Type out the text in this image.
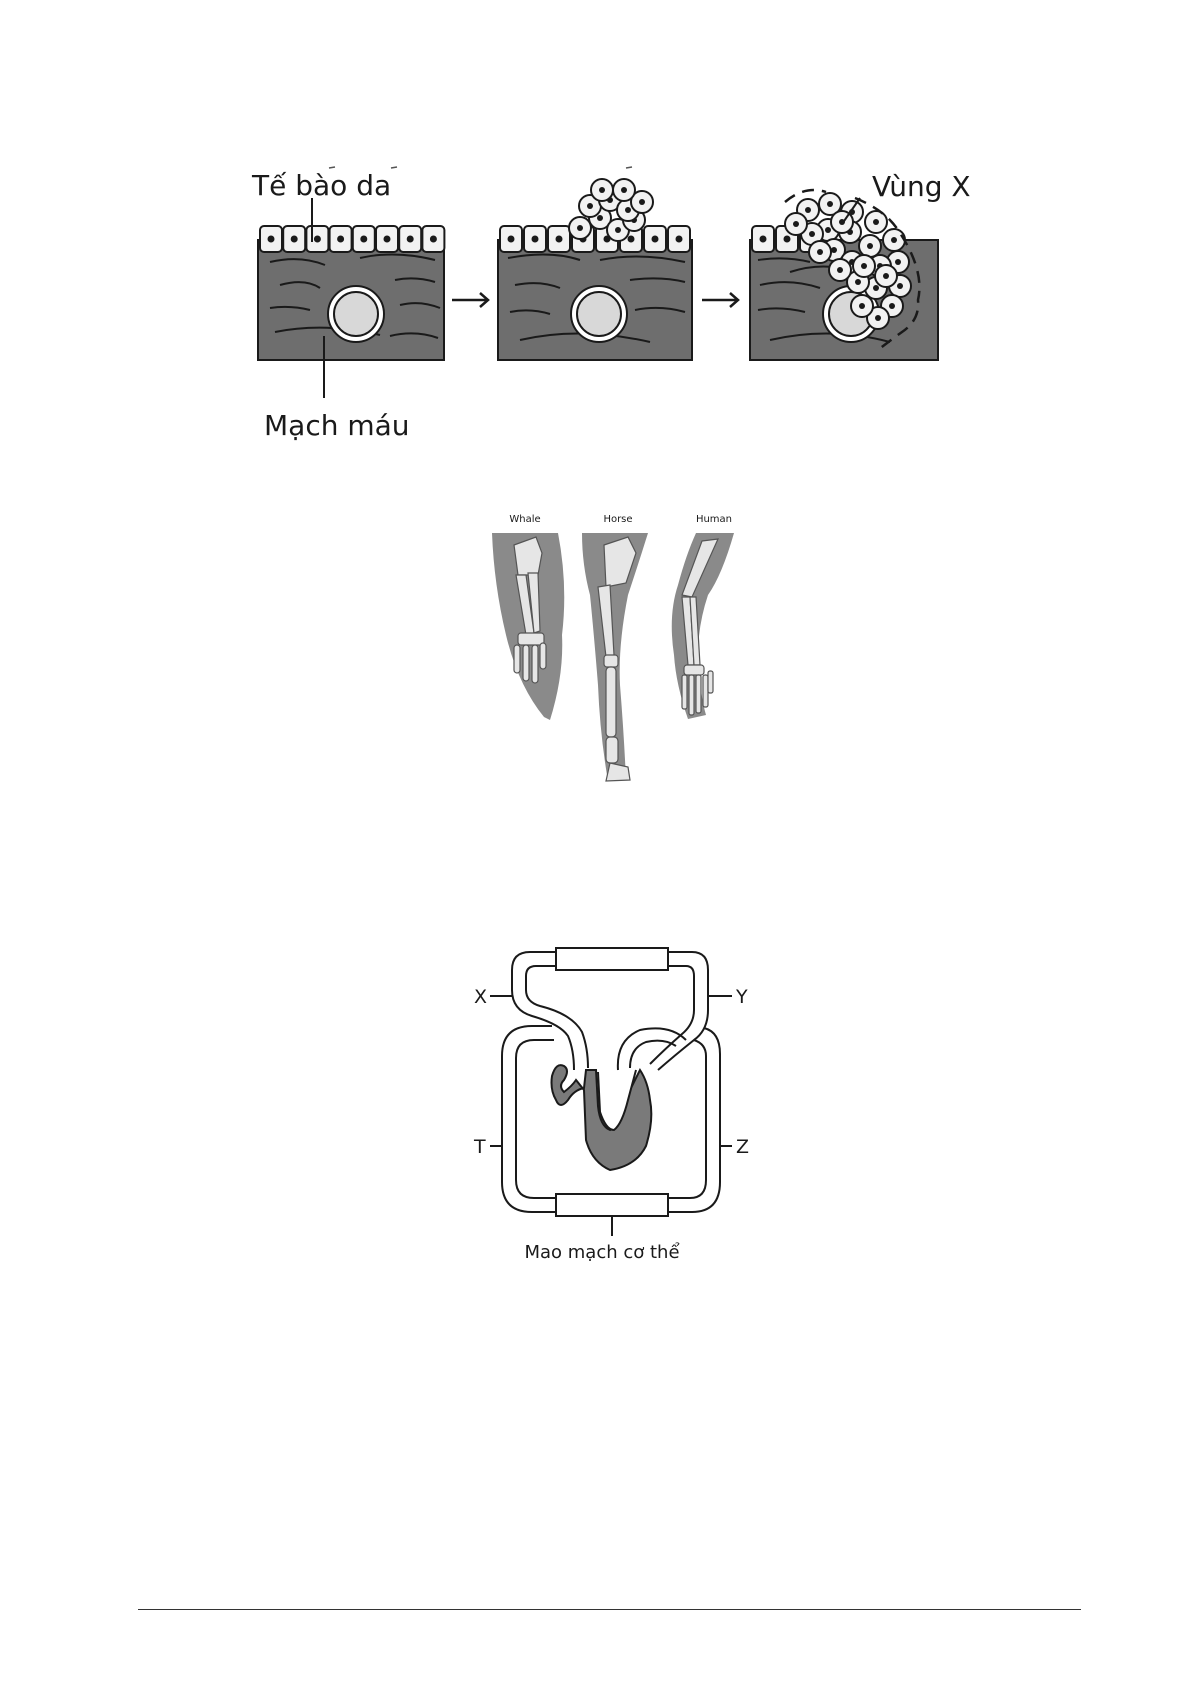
Tế bào da
Mạch máu
Vùng X
Whale	Horse	Human
X	Y
T	Z
Mao mạch cơ thể
